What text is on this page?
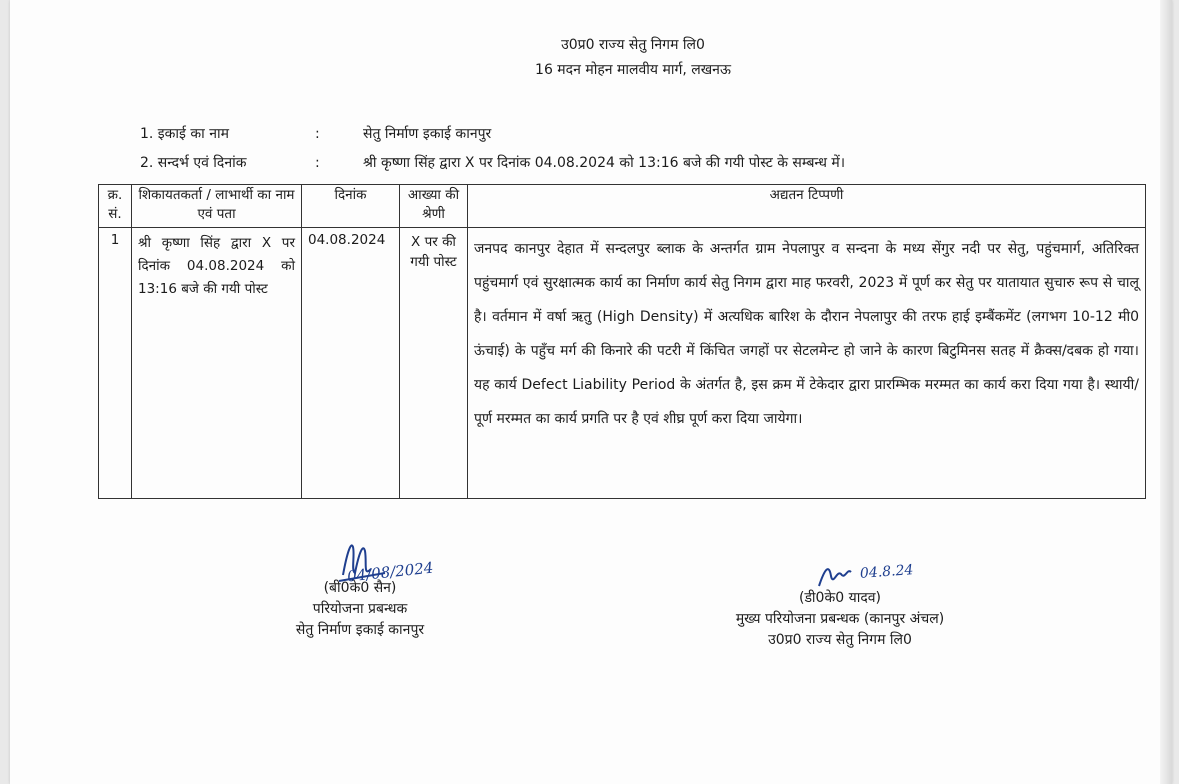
उ0प्र0 राज्य सेतु निगम लि0
16 मदन मोहन मालवीय मार्ग, लखनऊ
1. इकाई का नाम	:	सेतु निर्माण इकाई कानपुर
2. सन्दर्भ एवं दिनांक	:	श्री कृष्णा सिंह द्वारा X पर दिनांक 04.08.2024 को 13:16 बजे की गयी पोस्ट के सम्बन्ध में।
क्र. सं.	शिकायतकर्ता / लाभार्थी का नाम एवं पता	दिनांक	आख्या की श्रेणी	अद्यतन टिप्पणी
1	श्री कृष्णा सिंह द्वारा X पर दिनांक 04.08.2024 को 13:16 बजे की गयी पोस्ट	04.08.2024	X पर की गयी पोस्ट	जनपद कानपुर देहात में सन्दलपुर ब्लाक के अन्तर्गत ग्राम नेपलापुर व सन्दना के मध्य सेंगुर नदी पर सेतु, पहुंचमार्ग, अतिरिक्त पहुंचमार्ग एवं सुरक्षात्मक कार्य का निर्माण कार्य सेतु निगम द्वारा माह फरवरी, 2023 में पूर्ण कर सेतु पर यातायात सुचारु रूप से चालू है। वर्तमान में वर्षा ऋतु (High Density) में अत्यधिक बारिश के दौरान नेपलापुर की तरफ हाई इम्बैंकमेंट (लगभग 10-12 मी0 ऊंचाई) के पहुँच मर्ग की किनारे की पटरी में किंचित जगहों पर सेटलमेन्ट हो जाने के कारण बिटुमिनस सतह में क्रैक्स/दबक हो गया। यह कार्य Defect Liability Period के अंतर्गत है, इस क्रम में टेकेदार द्वारा प्रारम्भिक मरम्मत का कार्य करा दिया गया है। स्थायी/पूर्ण मरम्मत का कार्य प्रगति पर है एवं शीघ्र पूर्ण करा दिया जायेगा।
04/08/2024
(बी0के0 सैन)
परियोजना प्रबन्धक
सेतु निर्माण इकाई कानपुर
04.8.24
(डी0के0 यादव)
मुख्य परियोजना प्रबन्धक (कानपुर अंचल)
उ0प्र0 राज्य सेतु निगम लि0
